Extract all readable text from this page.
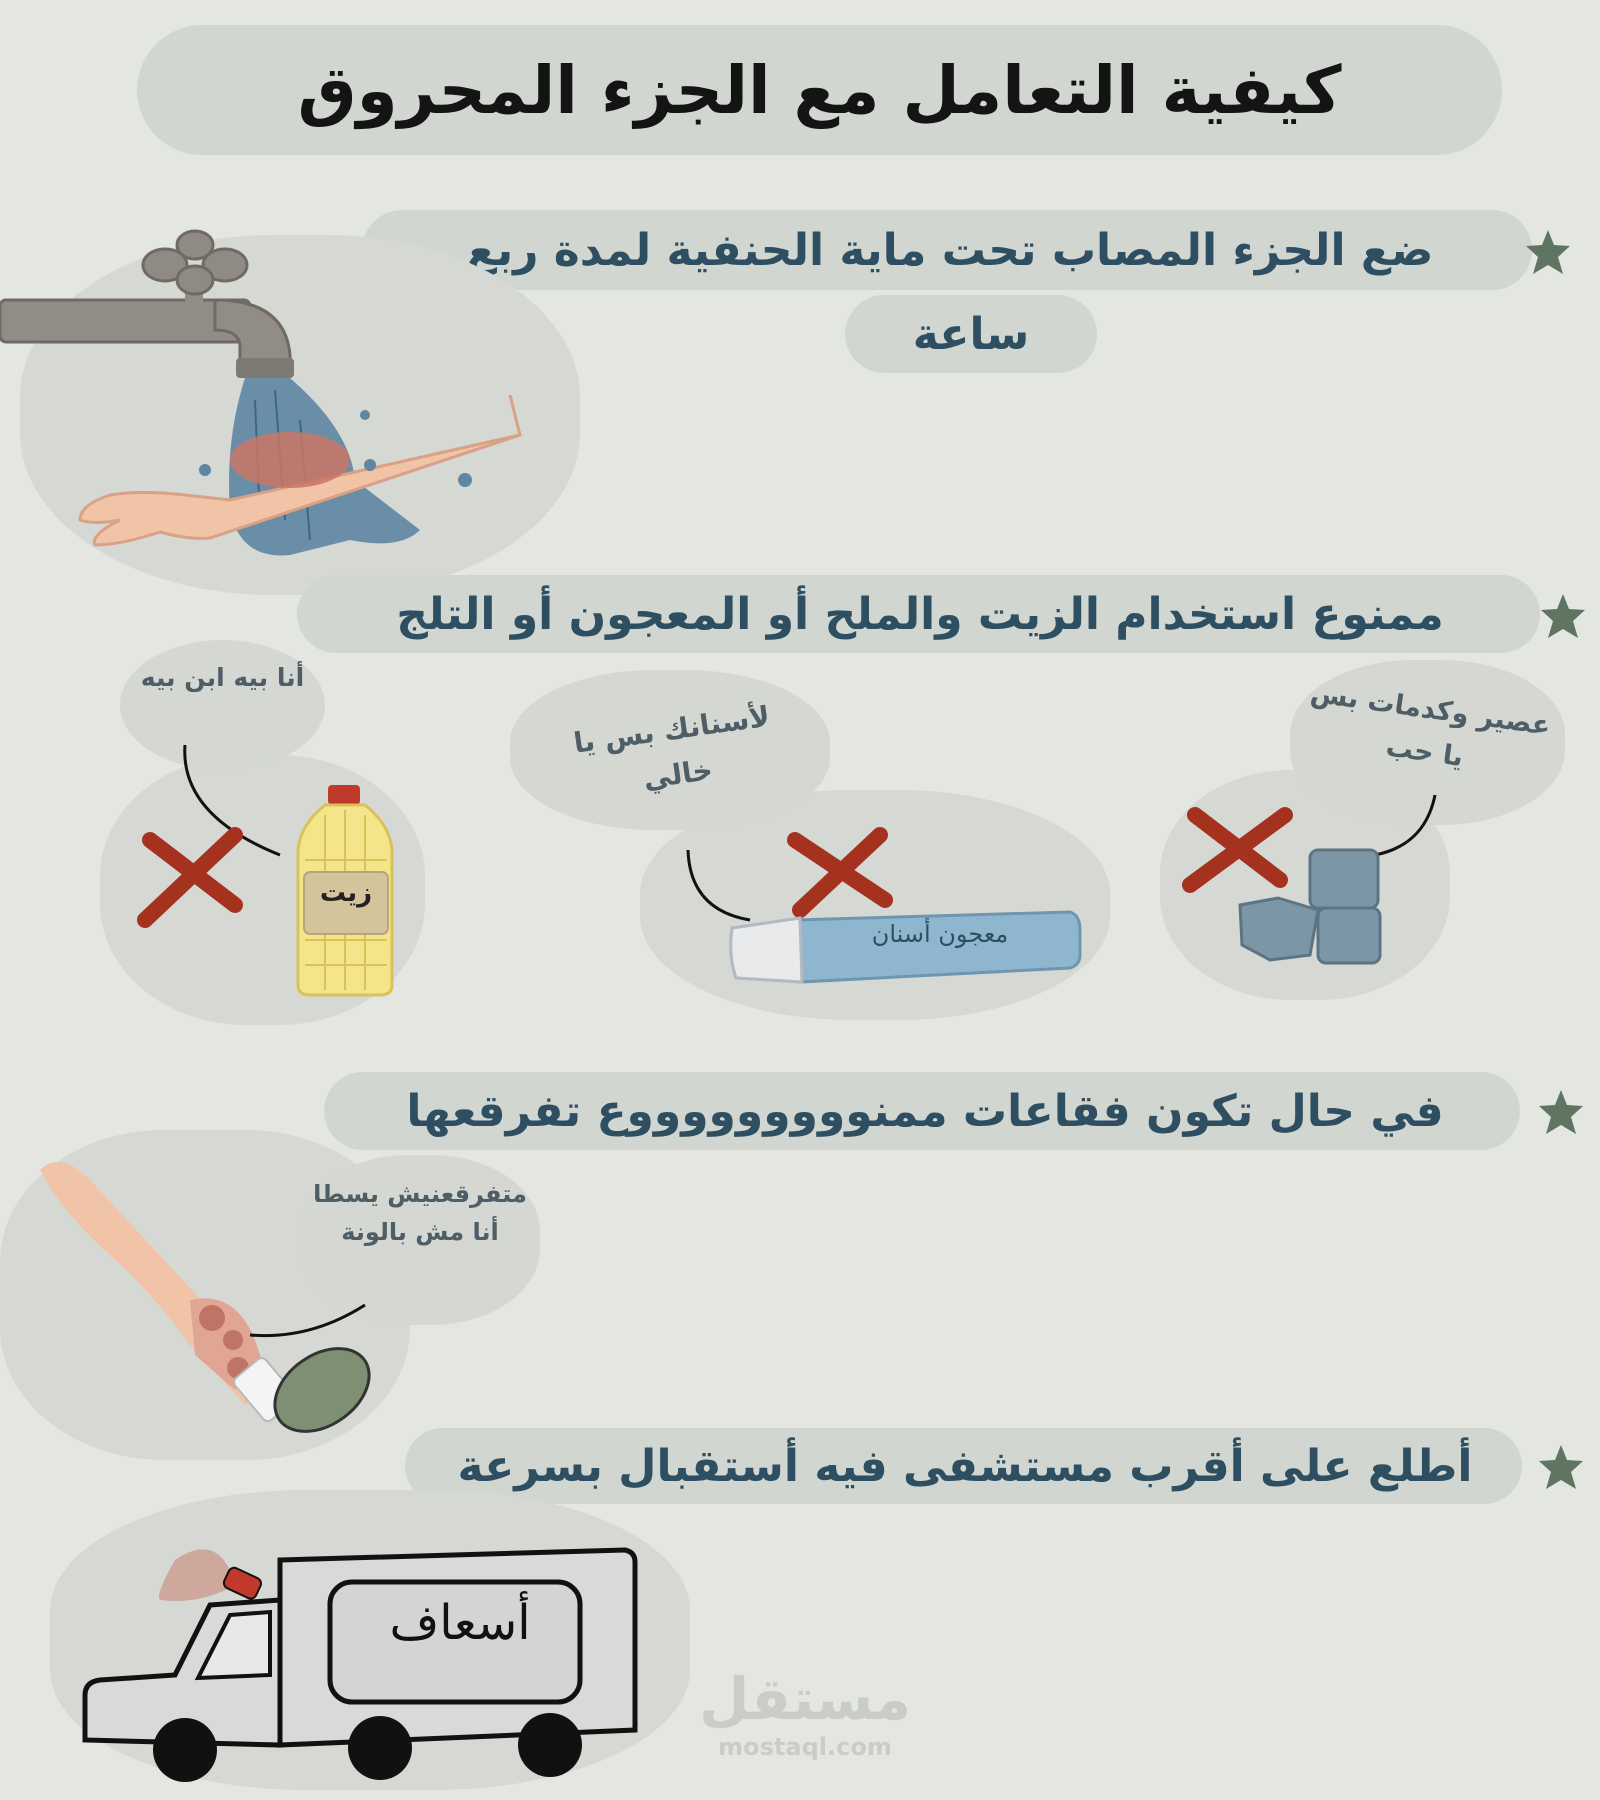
كيفية التعامل مع الجزء المحروق
ضع الجزء المصاب تحت ماية الحنفية لمدة ربع
ساعة
ممنوع استخدام الزيت والملح أو المعجون أو التلج
أنا بيه ابن بيه
زيت
لأسنانك بس يا خالي
معجون أسنان
عصير وكدمات بس يا حب
في حال تكون فقاعات ممنوووووووووع تفرقعها
متفرقعنيش يسطا أنا مش بالونة
أطلع على أقرب مستشفى فيه أستقبال بسرعة
أسعاف
مستقل
mostaql.com
